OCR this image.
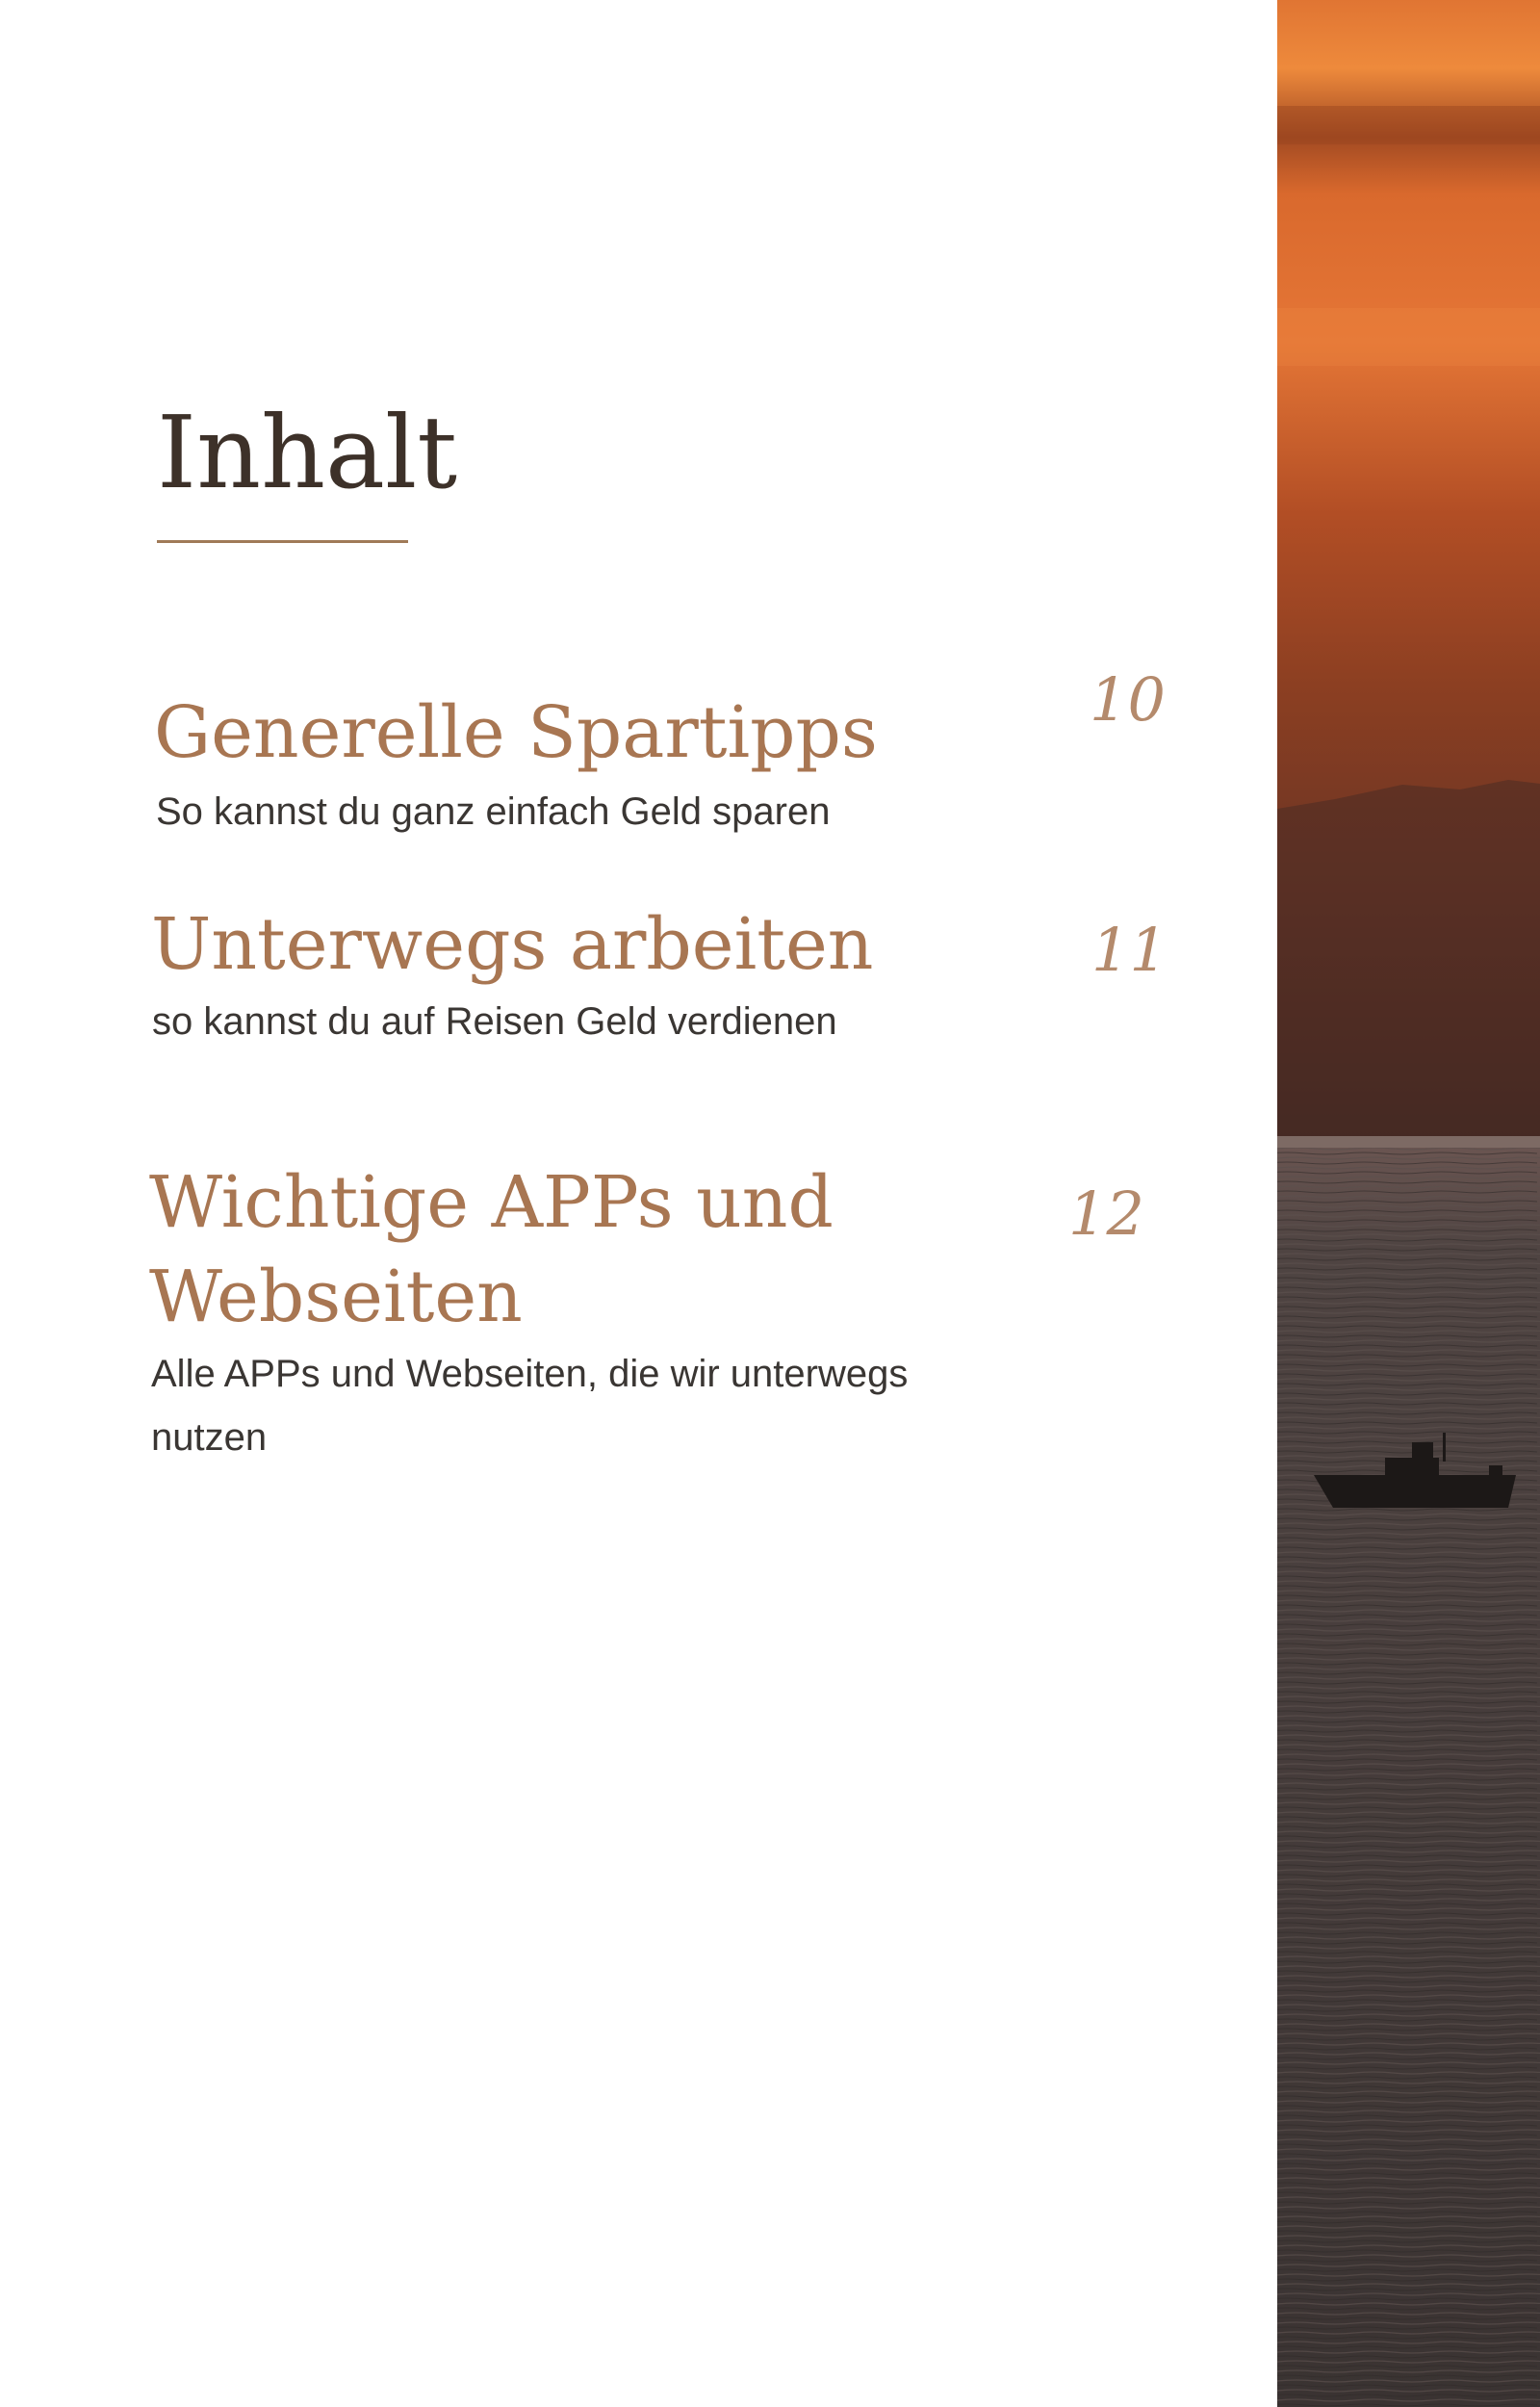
Inhalt
Generelle Spartipps

So kannst du ganz einfach Geld sparen

10
Unterwegs arbeiten

so kannst du auf Reisen Geld verdienen

11
Wichtige APPs und
Webseiten

Alle APPs und Webseiten, die wir unterwegs

nutzen

12
